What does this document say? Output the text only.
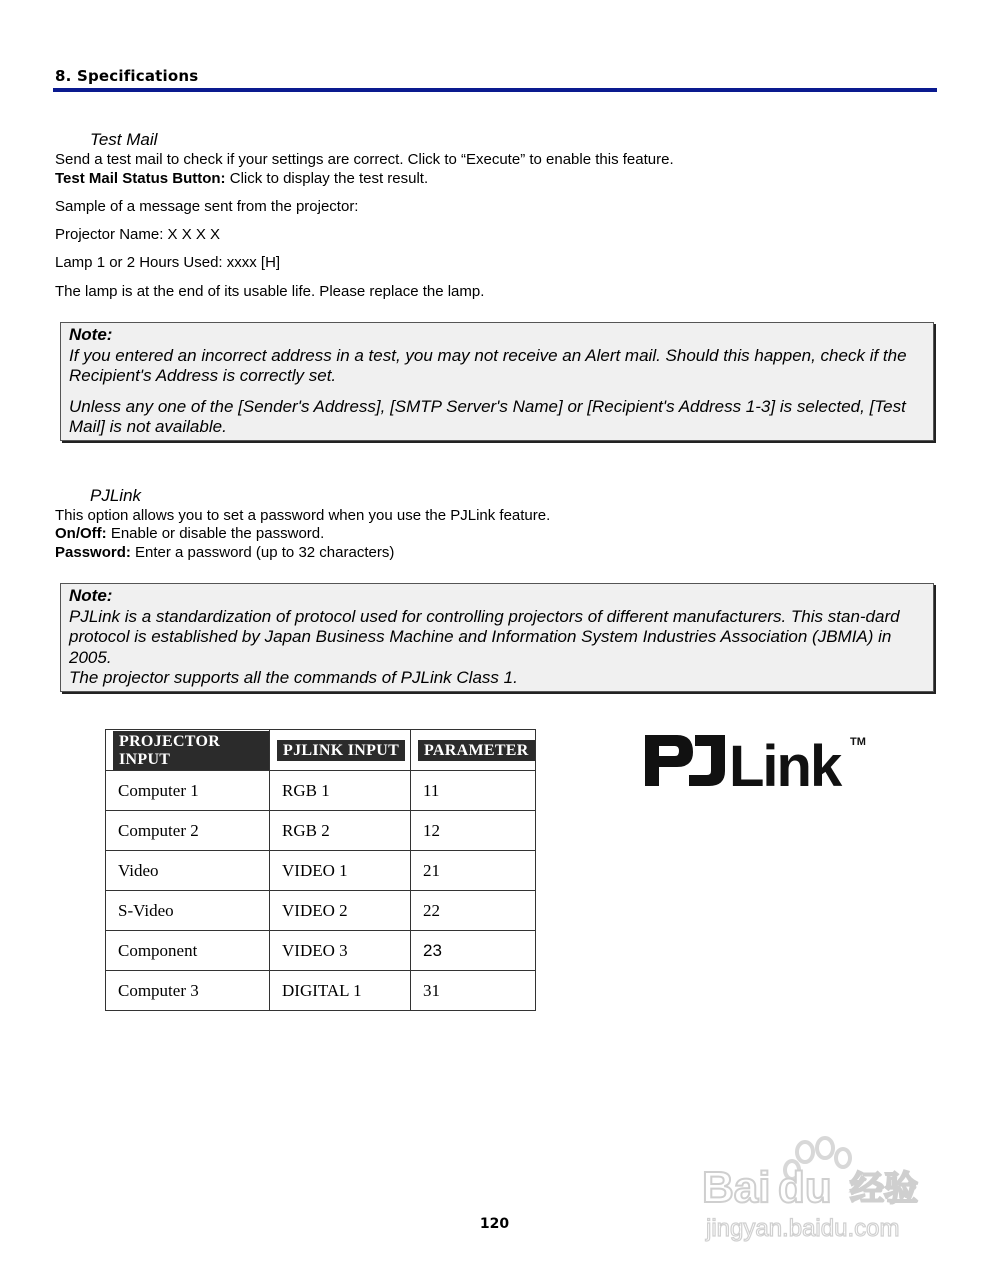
8. Specifications
Test Mail
Send a test mail to check if your settings are correct. Click to “Execute” to enable this feature.
Test Mail Status Button: Click to display the test result.
Sample of a message sent from the projector:
Projector Name: X X X X
Lamp 1 or 2 Hours Used: xxxx [H]
The lamp is at the end of its usable life. Please replace the lamp.

Note:

If you entered an incorrect address in a test, you may not receive an Alert mail. Should this happen, check if the Recipient's Address is correctly set.

Unless any one of the [Sender's Address], [SMTP Server's Name] or [Recipient's Address 1-3] is selected, [Test Mail] is not available.

PJLink
This option allows you to set a password when you use the PJLink feature.
On/Off: Enable or disable the password.
Password: Enter a password (up to 32 characters)

Note:

PJLink is a standardization of protocol used for controlling projectors of different manufacturers. This stan-dard protocol is established by Japan Business Machine and Information System Industries Association (JBMIA) in 2005.

The projector supports all the commands of PJLink Class 1.

PROJECTOR INPUT	PJLINK INPUT	PARAMETER
Computer 1	RGB 1	11
Computer 2	RGB 2	12
Video	VIDEO 1	21
S-Video	VIDEO 2	22
Component	VIDEO 3	23
Computer 3	DIGITAL 1	31
Link TM
Bai du 经验
jingyan.baidu.com
120
